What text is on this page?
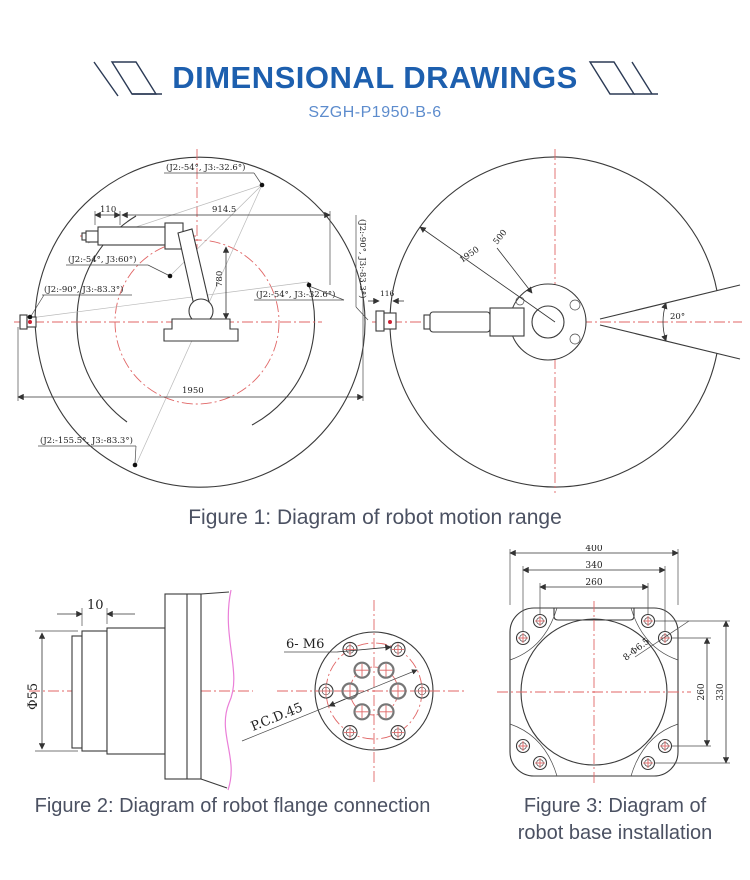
DIMENSIONAL DRAWINGS
SZGH-P1950-B-6
110	914.5
780
1950
(J2:-54°, J3:-32.6°)
(J2:-54°, J3:60°)
(J2:-90°, J3:-83.3°)	(J2:-54°, J3:-32.6°)	(J2:-90°, J3:-83.3°)
(J2:-155.5°, J3:-83.3°)
1950
500
116
20°
Figure 1: Diagram of robot motion range
10
Φ55
6- M6
P.C.D.45
400
340
260
260 330
8-Φ6.5
Figure 2: Diagram of robot flange connection	Figure 3: Diagram of
robot base installation
